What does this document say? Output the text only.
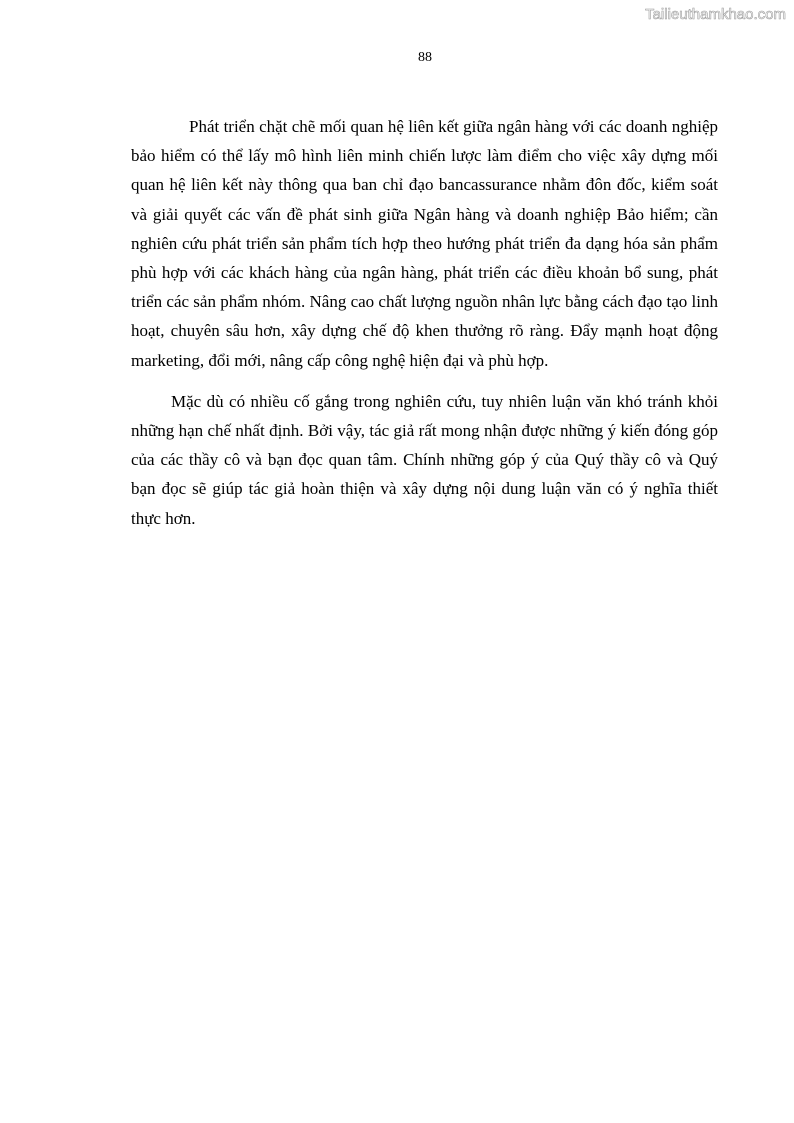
Tailieuthamkhao.com
88

Phát triển chặt chẽ mối quan hệ liên kết giữa ngân hàng với các doanh nghiệp bảo hiểm có thể lấy mô hình liên minh chiến lược làm điểm cho việc xây dựng mối quan hệ liên kết này thông qua ban chỉ đạo bancassurance nhằm đôn đốc, kiểm soát và giải quyết các vấn đề phát sinh giữa Ngân hàng và doanh nghiệp Bảo hiểm; cần nghiên cứu phát triển sản phẩm tích hợp theo hướng phát triển đa dạng hóa sản phẩm phù hợp với các khách hàng của ngân hàng, phát triển các điều khoản bổ sung, phát triển các sản phẩm nhóm. Nâng cao chất lượng nguồn nhân lực bằng cách đạo tạo linh hoạt, chuyên sâu hơn, xây dựng chế độ khen thưởng rõ ràng. Đẩy mạnh hoạt động marketing, đổi mới, nâng cấp công nghệ hiện đại và phù hợp.

Mặc dù có nhiều cố gắng trong nghiên cứu, tuy nhiên luận văn khó tránh khỏi những hạn chế nhất định. Bởi vậy, tác giả rất mong nhận được những ý kiến đóng góp của các thầy cô và bạn đọc quan tâm. Chính những góp ý của Quý thầy cô và Quý bạn đọc sẽ giúp tác giả hoàn thiện và xây dựng nội dung luận văn có ý nghĩa thiết thực hơn.
